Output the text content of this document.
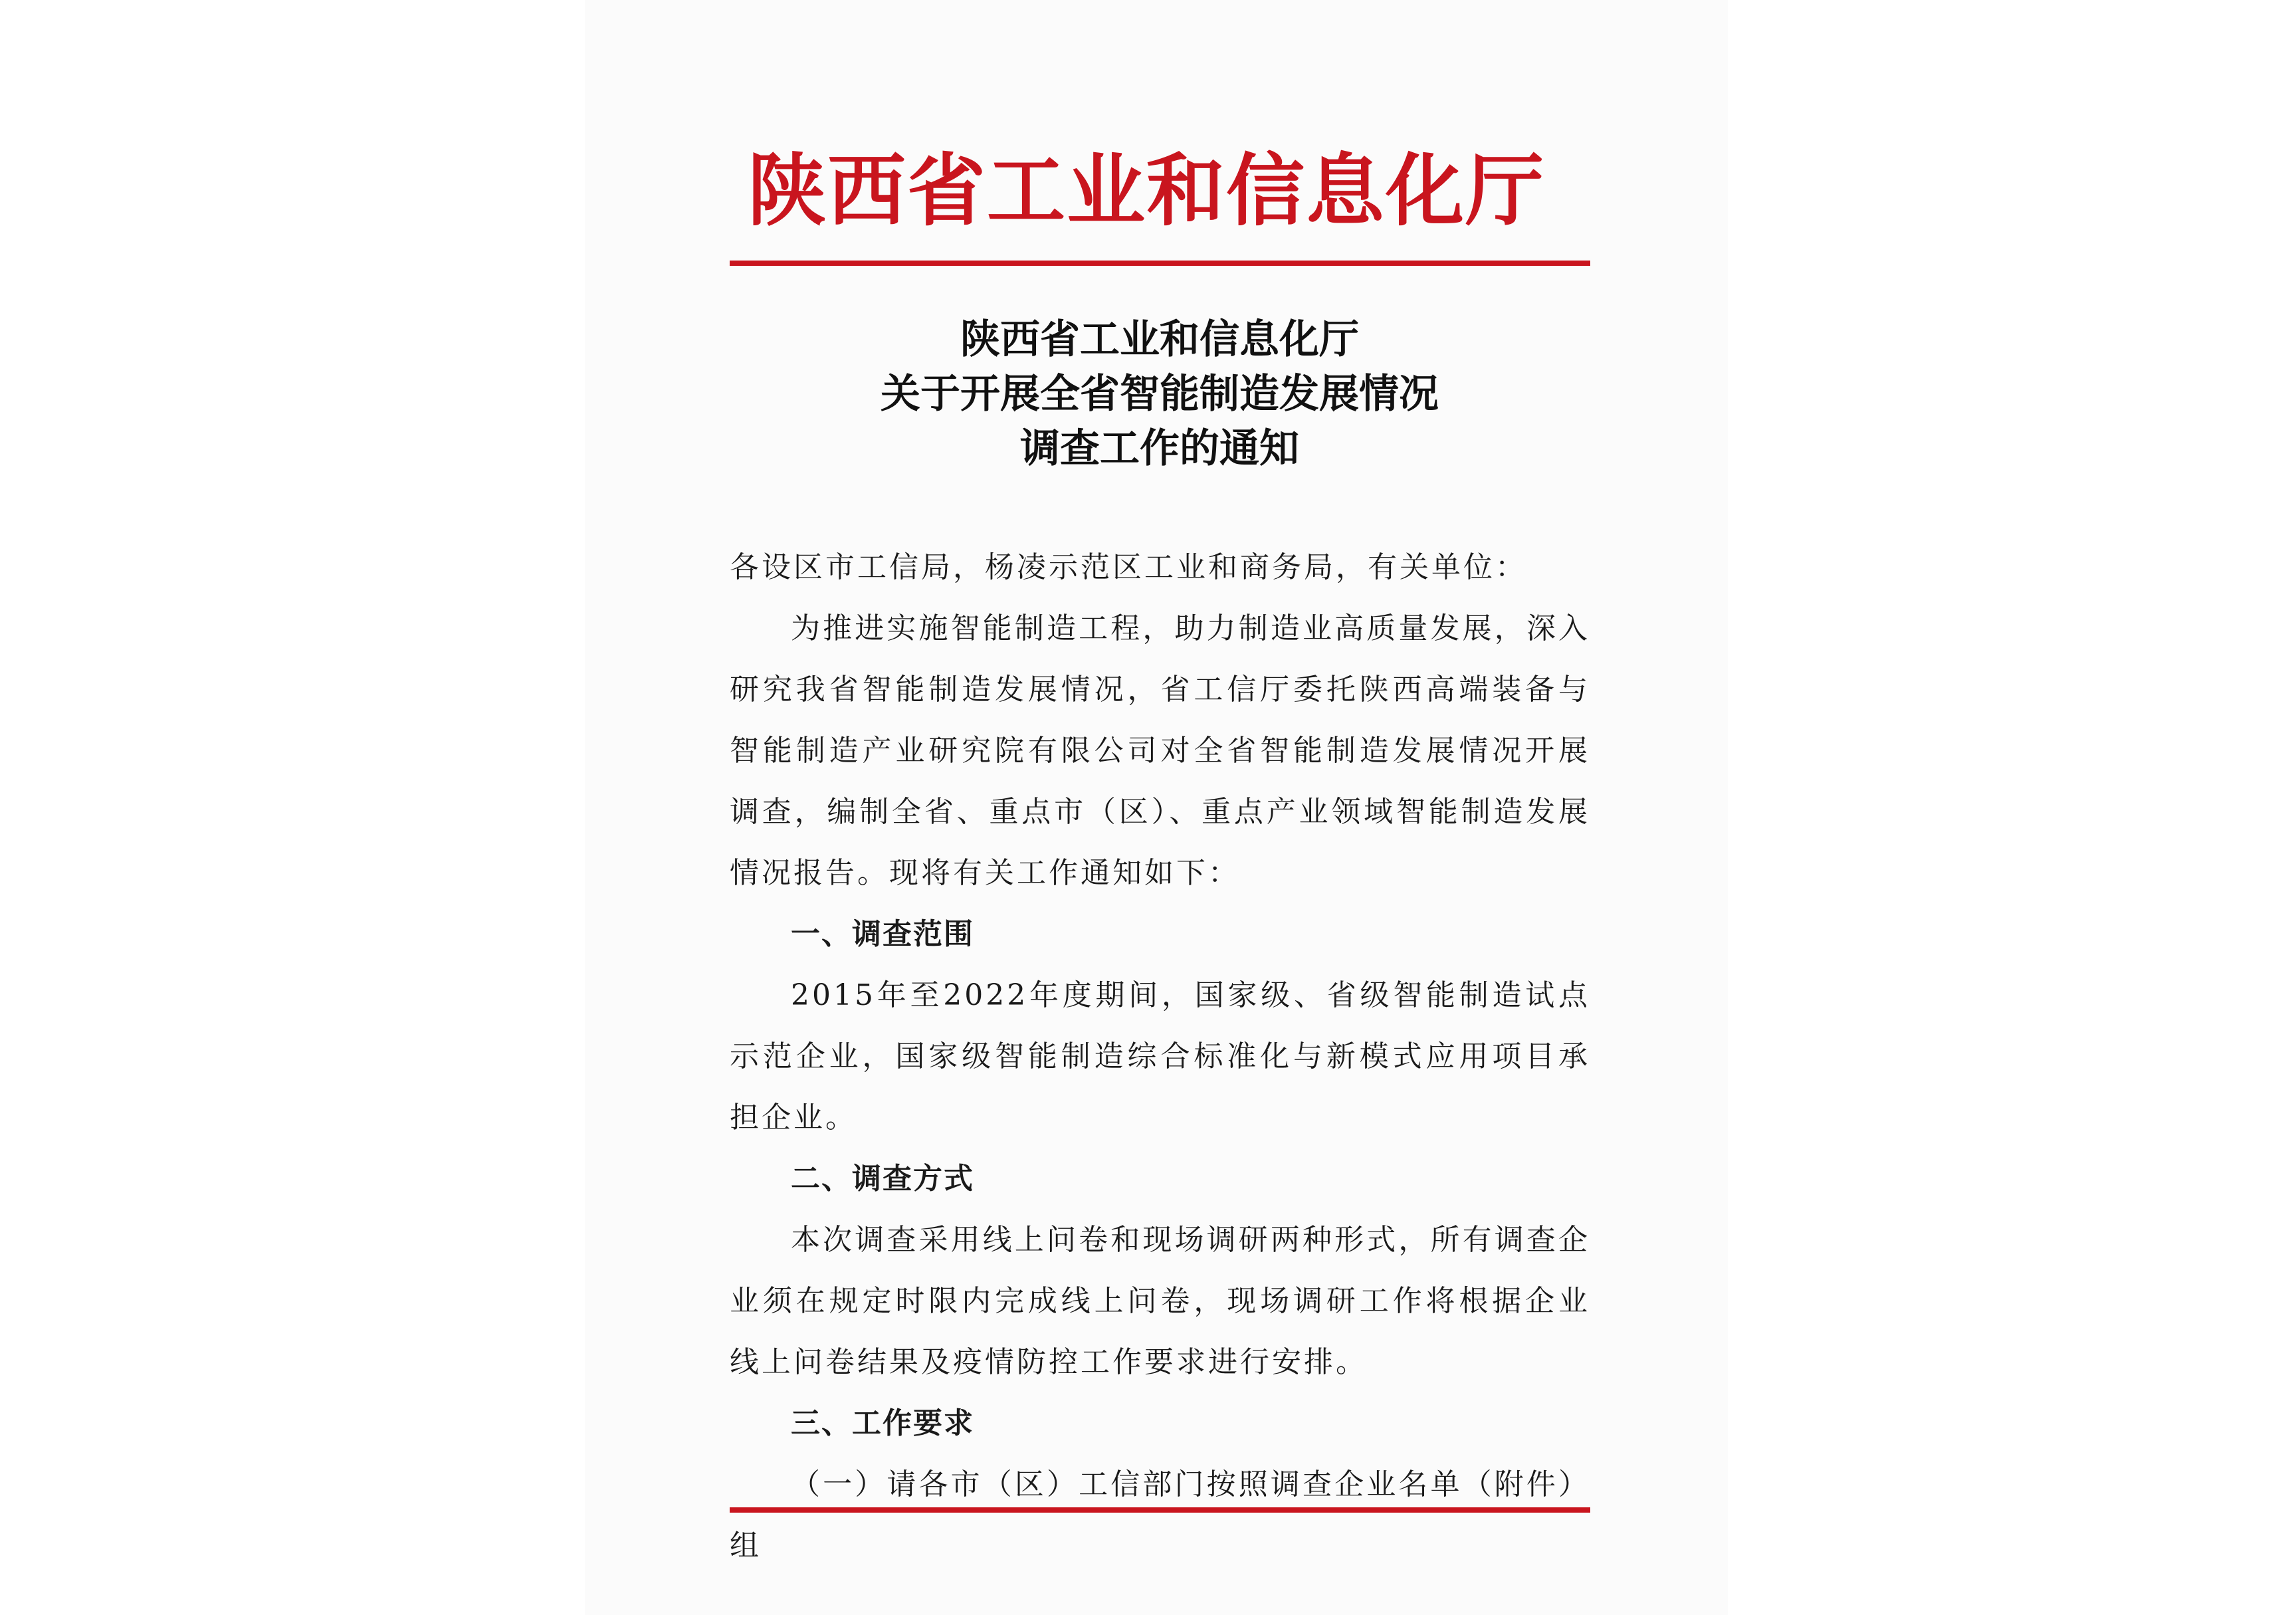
陕西省工业和信息化厅
陕西省工业和信息化厅
关于开展全省智能制造发展情况
调查工作的通知
各设区市工信局，杨凌示范区工业和商务局，有关单位：

为推进实施智能制造工程，助力制造业高质量发展，深入研究我省智能制造发展情况，省工信厅委托陕西高端装备与智能制造产业研究院有限公司对全省智能制造发展情况开展调查，编制全省、重点市（区）、重点产业领域智能制造发展情况报告。现将有关工作通知如下：

一、调查范围

2015年至2022年度期间，国家级、省级智能制造试点示范企业，国家级智能制造综合标准化与新模式应用项目承担企业。

二、调查方式

本次调查采用线上问卷和现场调研两种形式，所有调查企业须在规定时限内完成线上问卷，现场调研工作将根据企业线上问卷结果及疫情防控工作要求进行安排。

三、工作要求

（一）请各市（区）工信部门按照调查企业名单（附件）组
